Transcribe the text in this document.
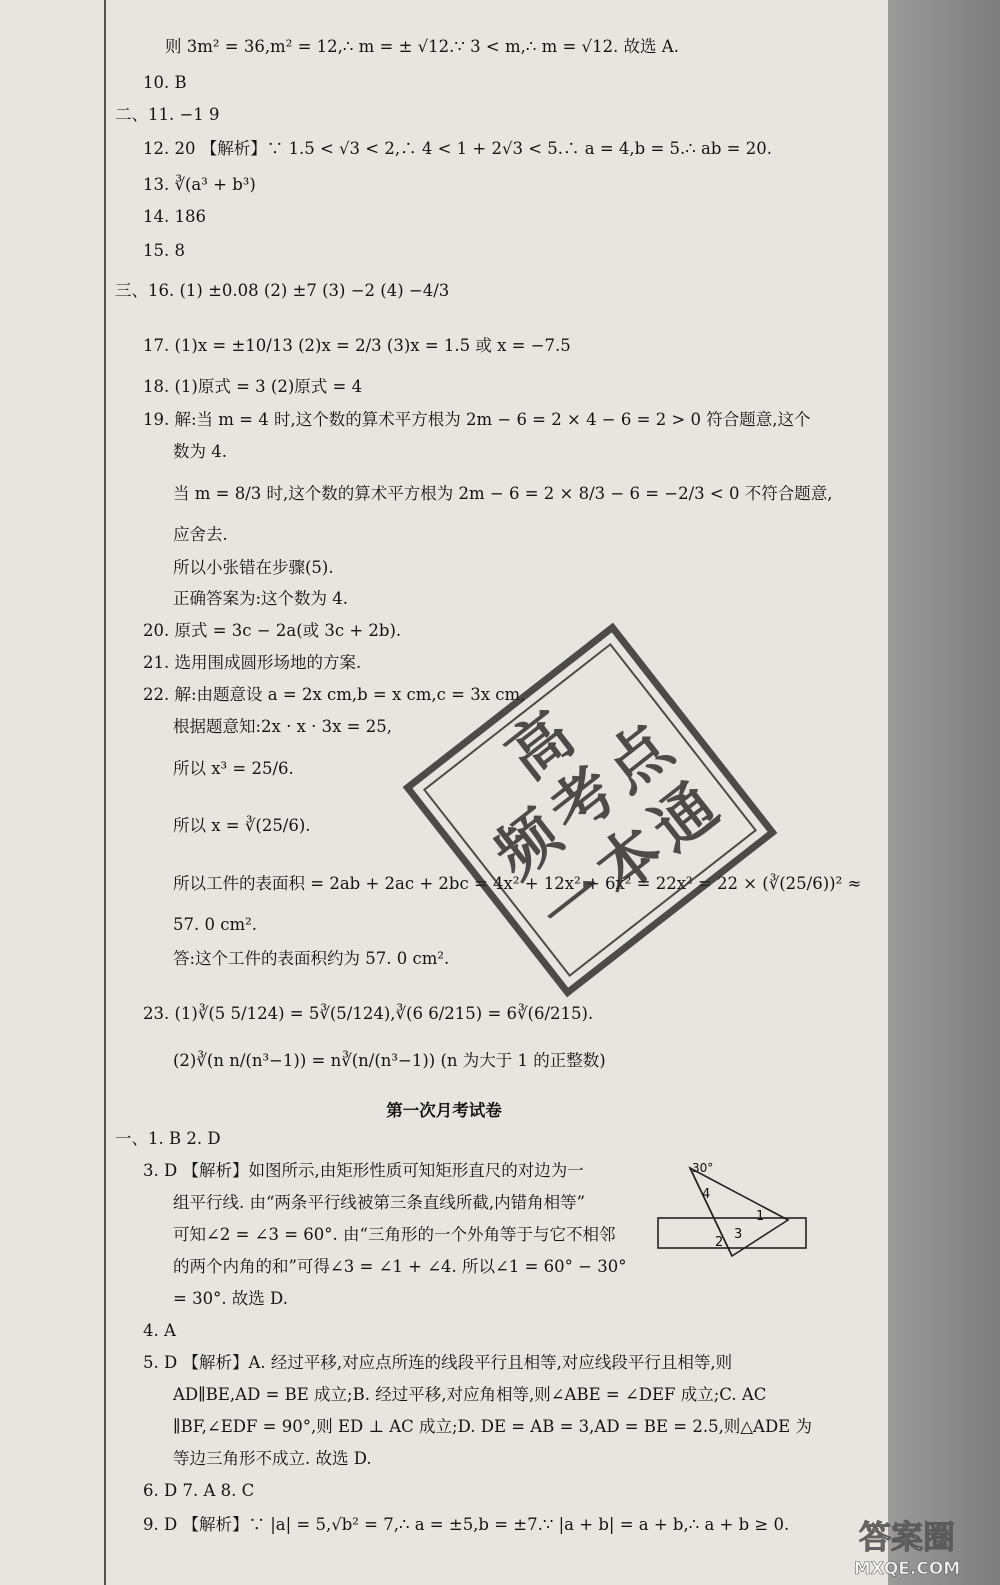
则 3m² = 36,m² = 12,∴ m = ± √12.∵ 3 < m,∴ m = √12. 故选 A.
10. B
二、11. −1 9
12. 20 【解析】∵ 1.5 < √3 < 2,∴ 4 < 1 + 2√3 < 5.∴ a = 4,b = 5.∴ ab = 20.
13. ∛(a³ + b³)
14. 186
15. 8
三、16. (1) ±0.08 (2) ±7 (3) −2 (4) −4/3
17. (1)x = ±10/13 (2)x = 2/3 (3)x = 1.5 或 x = −7.5
18. (1)原式 = 3 (2)原式 = 4
19. 解:当 m = 4 时,这个数的算术平方根为 2m − 6 = 2 × 4 − 6 = 2 > 0 符合题意,这个
数为 4.
当 m = 8/3 时,这个数的算术平方根为 2m − 6 = 2 × 8/3 − 6 = −2/3 < 0 不符合题意,
应舍去.
所以小张错在步骤(5).
正确答案为:这个数为 4.
20. 原式 = 3c − 2a(或 3c + 2b).
21. 选用围成圆形场地的方案.
22. 解:由题意设 a = 2x cm,b = x cm,c = 3x cm,
根据题意知:2x · x · 3x = 25,
所以 x³ = 25/6.
所以 x = ∛(25/6).
所以工件的表面积 = 2ab + 2ac + 2bc = 4x² + 12x² + 6x² = 22x² = 22 × (∛(25/6))² ≈
57. 0 cm².
答:这个工件的表面积约为 57. 0 cm².
23. (1)∛(5 5/124) = 5∛(5/124),∛(6 6/215) = 6∛(6/215).
(2)∛(n n/(n³−1)) = n∛(n/(n³−1)) (n 为大于 1 的正整数)
第一次月考试卷
一、1. B 2. D
3. D 【解析】如图所示,由矩形性质可知矩形直尺的对边为一
组平行线. 由“两条平行线被第三条直线所截,内错角相等”
可知∠2 = ∠3 = 60°. 由“三角形的一个外角等于与它不相邻
的两个内角的和”可得∠3 = ∠1 + ∠4. 所以∠1 = 60° − 30°
= 30°. 故选 D.
4. A
5. D 【解析】A. 经过平移,对应点所连的线段平行且相等,对应线段平行且相等,则
AD∥BE,AD = BE 成立;B. 经过平移,对应角相等,则∠ABE = ∠DEF 成立;C. AC
∥BF,∠EDF = 90°,则 ED ⊥ AC 成立;D. DE = AB = 3,AD = BE = 2.5,则△ADE 为
等边三角形不成立. 故选 D.
6. D 7. A 8. C
9. D 【解析】∵ |a| = 5,√b² = 7,∴ a = ±5,b = ±7.∵ |a + b| = a + b,∴ a + b ≥ 0.
高
频
考
点
一
本
通
30°
4
1
2
3
答案圈
MXQE.COM
